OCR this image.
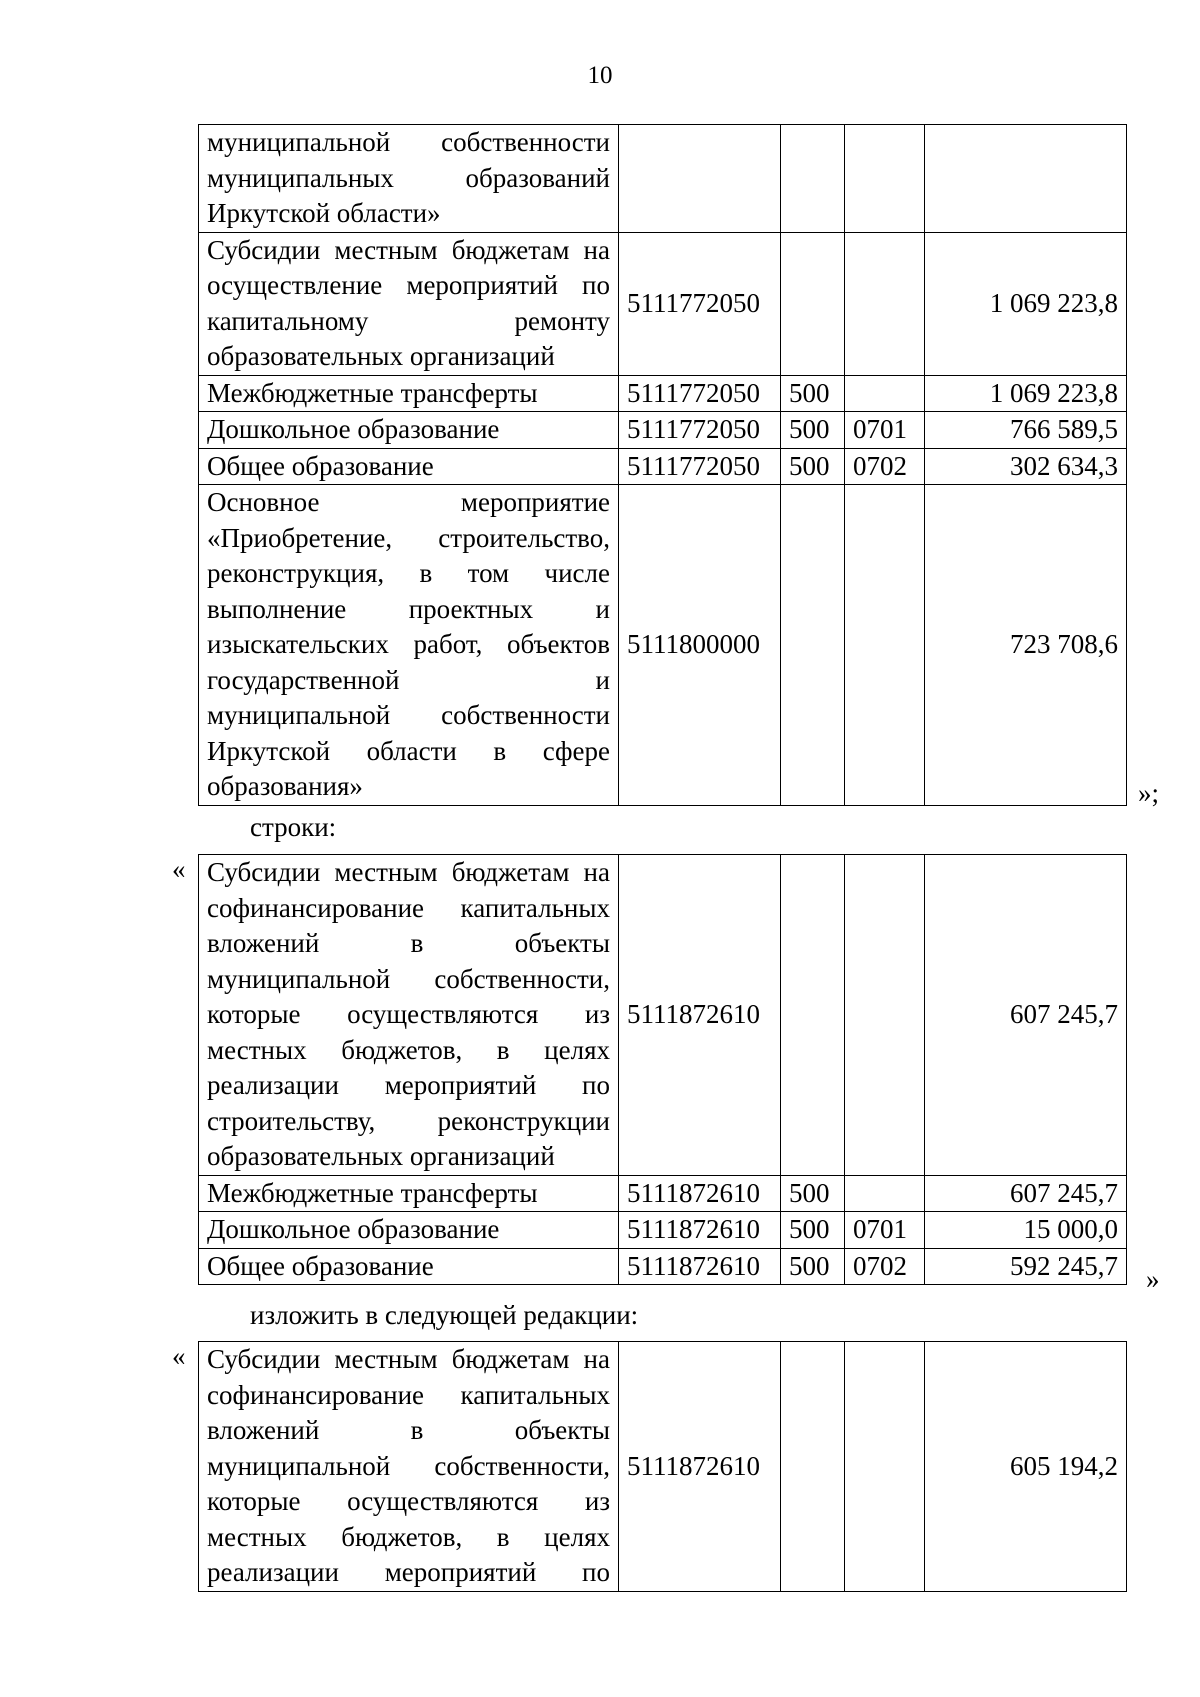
10
муниципальной собственности муниципальных образований Иркутской области»				
Субсидии местным бюджетам на осуществление мероприятий по капитальному ремонту образовательных организаций	5111772050			1 069 223,8
Межбюджетные трансферты	5111772050	500		1 069 223,8
Дошкольное образование	5111772050	500	0701	766 589,5
Общее образование	5111772050	500	0702	302 634,3
Основное мероприятие «Приобретение, строительство, реконструкция, в том числе выполнение проектных и изыскательских работ, объектов государственной и муниципальной собственности Иркутской области в сфере образования»	5111800000			723 708,6
»;
строки:
« Субсидии местным бюджетам на софинансирование капитальных вложений в объекты муниципальной собственности, которые осуществляются из местных бюджетов, в целях реализации мероприятий по строительству, реконструкции образовательных организаций	5111872610			607 245,7
Межбюджетные трансферты	5111872610	500		607 245,7
Дошкольное образование	5111872610	500	0701	15 000,0
Общее образование	5111872610	500	0702	592 245,7 »
изложить в следующей редакции:
« Субсидии местным бюджетам на софинансирование капитальных вложений в объекты муниципальной собственности, которые осуществляются из местных бюджетов, в целях реализации мероприятий по	5111872610			605 194,2
